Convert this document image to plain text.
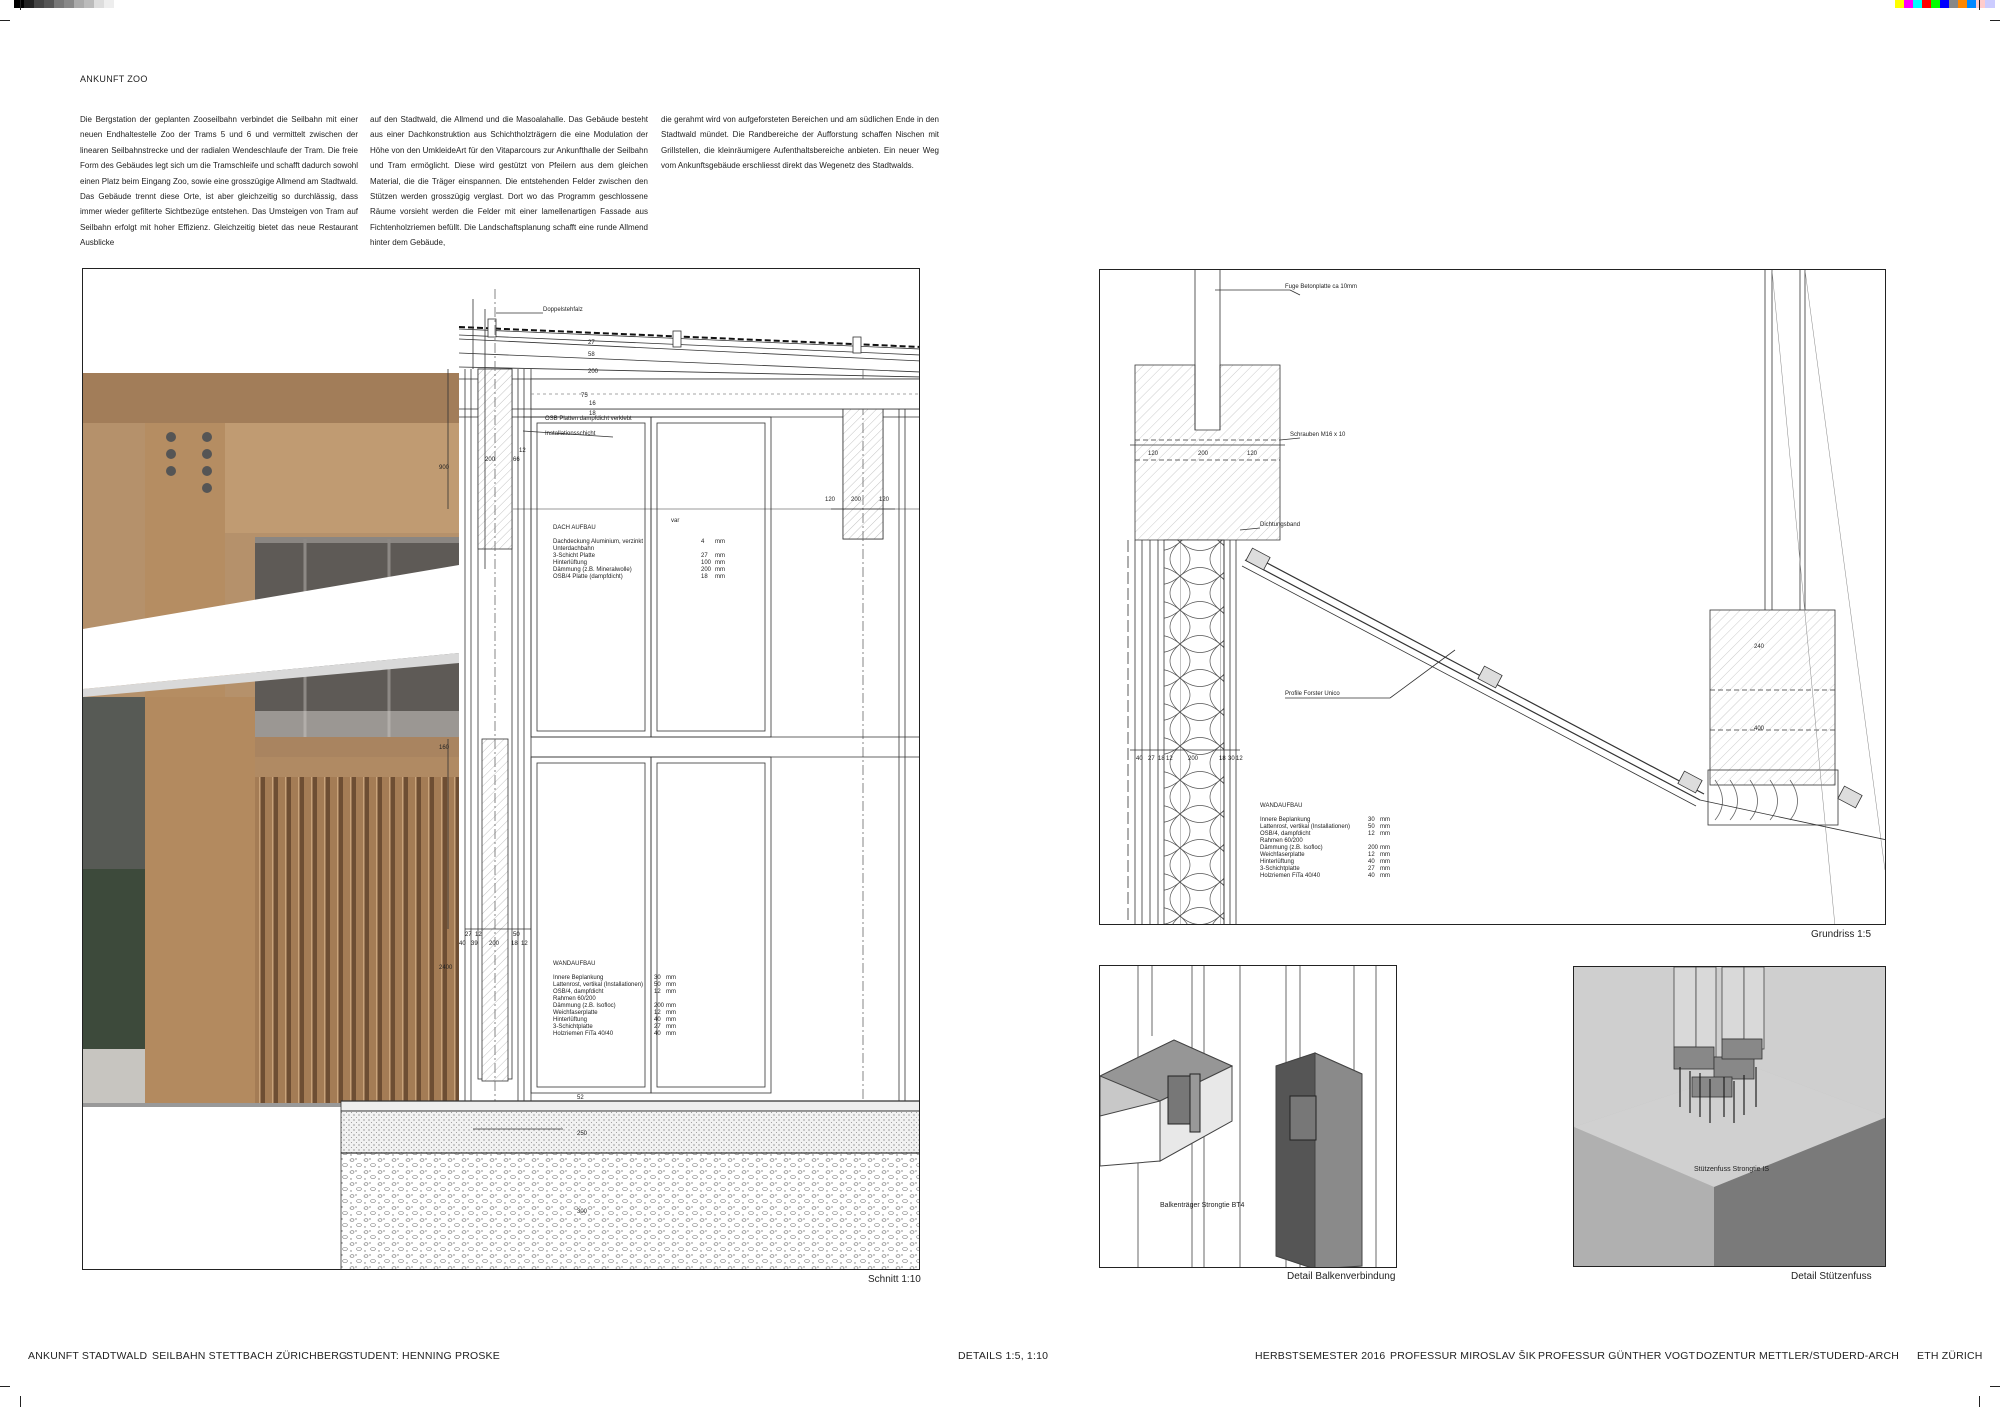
ANKUNFT ZOO
Die Bergstation der geplanten Zooseilbahn verbindet die Seilbahn mit einer neuen Endhaltestelle Zoo der Trams 5 und 6 und vermittelt zwischen der linearen Seilbahnstrecke und der radialen Wendeschlaufe der Tram. Die freie Form des Gebäudes legt sich um die Tramschleife und schafft dadurch sowohl einen Platz beim Eingang Zoo, sowie eine grosszügige Allmend am Stadtwald. Das Gebäude trennt diese Orte, ist aber gleichzeitig so durchlässig, dass immer wieder gefilterte Sichtbezüge entstehen. Das Umsteigen von Tram auf Seilbahn erfolgt mit hoher Effizienz. Gleichzeitig bietet das neue Restaurant Ausblicke
auf den Stadtwald, die Allmend und die Masoalahalle. Das Gebäude besteht aus einer Dachkonstruktion aus Schichtholzträgern die eine Modulation der Höhe von den UmkleideArt für den Vitaparcours zur Ankunfthalle der Seilbahn und Tram ermöglicht. Diese wird gestützt von Pfeilern aus dem gleichen Material, die die Träger einspannen. Die entstehenden Felder zwischen den Stützen werden grosszügig verglast. Dort wo das Programm geschlossene Räume vorsieht werden die Felder mit einer lamellenartigen Fassade aus Fichtenholzriemen befüllt. Die Landschaftsplanung schafft eine runde Allmend hinter dem Gebäude,
die gerahmt wird von aufgeforsteten Bereichen und am südlichen Ende in den Stadtwald mündet. Die Randbereiche der Aufforstung schaffen Nischen mit Grillstellen, die kleinräumigere Aufenthaltsbereiche anbieten. Ein neuer Weg vom Ankunftsgebäude erschliesst direkt das Wegenetz des Stadtwalds.
Doppelstehfalz
OSB Platten dampfdicht verklebt
Installationsschicht
var
200	66
12
900
120	200	120
27
58
200
75
16
18
DACH AUFBAU
Dachdeckung Aluminium, verzinkt	4 mm
Unterdachbahn
3-Schicht Platte	27 mm
Hinterlüftung	100 mm
Dämmung (z.B. Mineralwolle)	200 mm
OSB/4 Platte (dampfdicht)	18 mm
27 12
40 39 200
50
18 12
2400
52
250
300
160
WANDAUFBAU
Innere Beplankung	30 mm
Lattenrost, vertikal (Installationen) 50 mm
OSB/4, dampfdicht	12 mm
Rahmen 60/200
Dämmung (z.B. Isofloc)	200 mm
Weichfaserplatte	12 mm
Hinterlüftung	40 mm
3-Schichtplatte	27 mm
Holzriemen FiTa 40/40	40 mm
Schnitt 1:10
Fuge Betonplatte ca 10mm
Schrauben M16 x 10
Dichtungsband
Profile Forster Unico
120	200	120
40 27 18 12	200	18 30 12
240
400
WANDAUFBAU
Innere Beplankung	30 mm
Lattenrost, vertikal (Installationen)	50 mm
OSB/4, dampfdicht	12 mm
Rahmen 60/200
Dämmung (z.B. Isofloc)	200 mm
Weichfaserplatte	12 mm
Hinterlüftung	40 mm
3-Schichtplatte	27 mm
Holzriemen FiTa 40/40	40 mm
Grundriss 1:5
Balkenträger Strongtie BT4
Detail Balkenverbindung
Stützenfuss Strongtie IS
Detail Stützenfuss
ANKUNFT STADTWALD SEILBAHN STETTBACH ZÜRICHBERG
STUDENT: HENNING PROSKE	DETAILS 1:5, 1:10	HERBSTSEMESTER 2016 PROFESSUR MIROSLAV ŠIK PROFESSUR GÜNTHER VOGT DOZENTUR METTLER/STUDER D-ARCH ETH ZÜRICH
